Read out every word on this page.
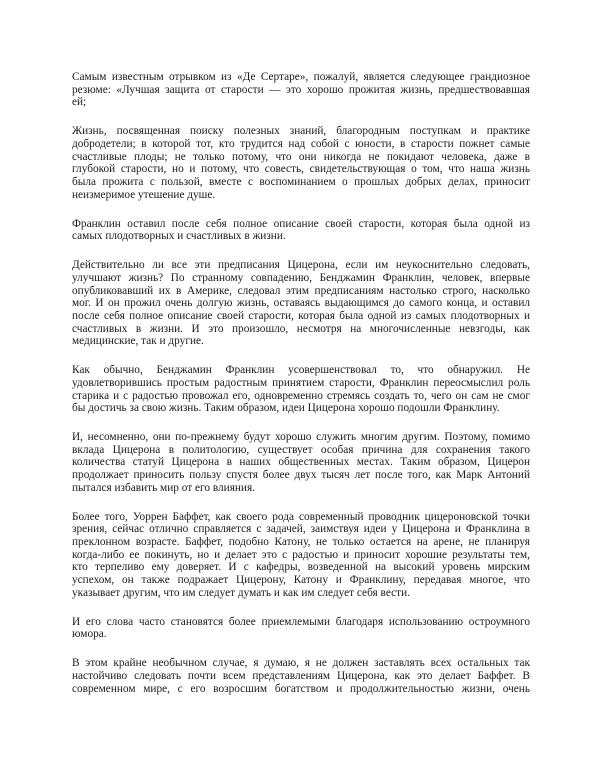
Самым известным отрывком из «Де Сертаре», пожалуй, является следующее грандиозное
резюме: «Лучшая защита от старости — это хорошо прожитая жизнь, предшествовавшая
ей;
Жизнь, посвященная поиску полезных знаний, благородным поступкам и практике
добродетели; в которой тот, кто трудится над собой с юности, в старости пожнет самые
счастливые плоды; не только потому, что они никогда не покидают человека, даже в
глубокой старости, но и потому, что совесть, свидетельствующая о том, что наша жизнь
была прожита с пользой, вместе с воспоминанием о прошлых добрых делах, приносит
неизмеримое утешение душе.
Франклин оставил после себя полное описание своей старости, которая была одной из
самых плодотворных и счастливых в жизни.
Действительно ли все эти предписания Цицерона, если им неукоснительно следовать,
улучшают жизнь? По странному совпадению, Бенджамин Франклин, человек, впервые
опубликовавший их в Америке, следовал этим предписаниям настолько строго, насколько
мог. И он прожил очень долгую жизнь, оставаясь выдающимся до самого конца, и оставил
после себя полное описание своей старости, которая была одной из самых плодотворных и
счастливых в жизни. И это произошло, несмотря на многочисленные невзгоды, как
медицинские, так и другие.
Как обычно, Бенджамин Франклин усовершенствовал то, что обнаружил. Не
удовлетворившись простым радостным принятием старости, Франклин переосмыслил роль
старика и с радостью провожал его, одновременно стремясь создать то, чего он сам не смог
бы достичь за свою жизнь. Таким образом, идеи Цицерона хорошо подошли Франклину.
И, несомненно, они по-прежнему будут хорошо служить многим другим. Поэтому, помимо
вклада Цицерона в политологию, существует особая причина для сохранения такого
количества статуй Цицерона в наших общественных местах. Таким образом, Цицерон
продолжает приносить пользу спустя более двух тысяч лет после того, как Марк Антоний
пытался избавить мир от его влияния.
Более того, Уоррен Баффет, как своего рода современный проводник цицероновской точки
зрения, сейчас отлично справляется с задачей, заимствуя идеи у Цицерона и Франклина в
преклонном возрасте. Баффет, подобно Катону, не только остается на арене, не планируя
когда-либо ее покинуть, но и делает это с радостью и приносит хорошие результаты тем,
кто терпеливо ему доверяет. И с кафедры, возведенной на высокий уровень мирским
успехом, он также подражает Цицерону, Катону и Франклину, передавая многое, что
указывает другим, что им следует думать и как им следует себя вести.
И его слова часто становятся более приемлемыми благодаря использованию остроумного
юмора.
В этом крайне необычном случае, я думаю, я не должен заставлять всех остальных так
настойчиво следовать почти всем представлениям Цицерона, как это делает Баффет. В
современном мире, с его возросшим богатством и продолжительностью жизни, очень
